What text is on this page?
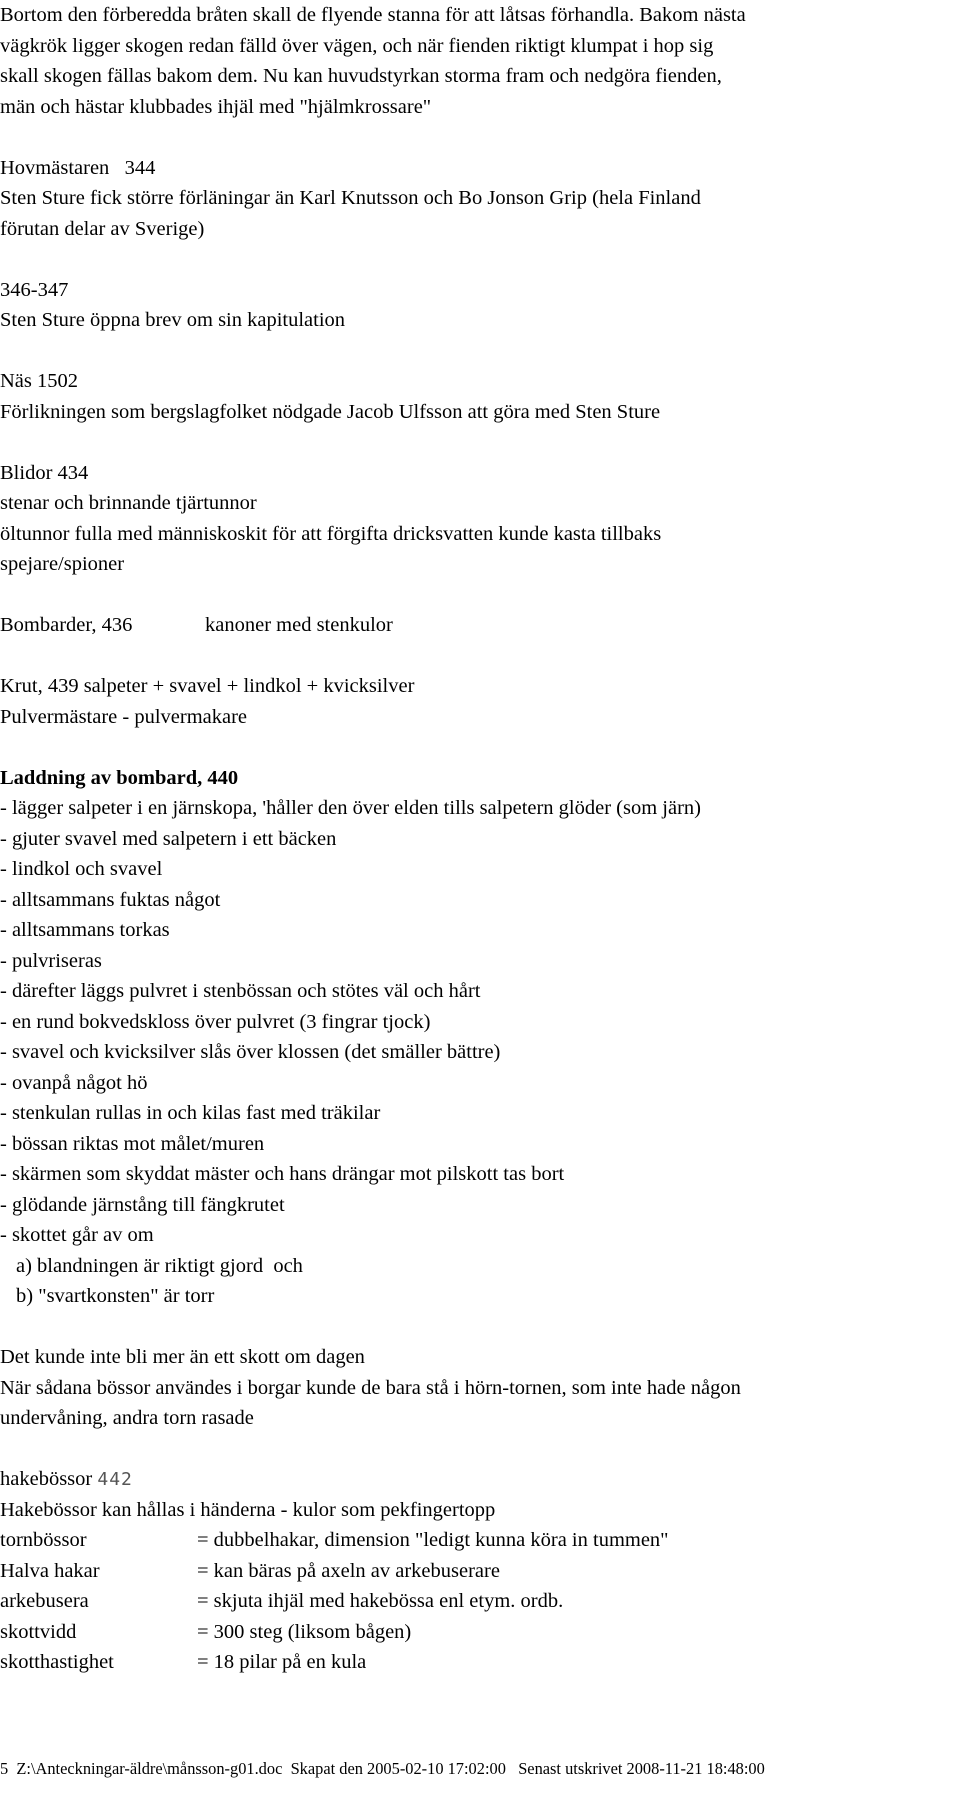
Bortom den förberedda bråten skall de flyende stanna för att låtsas förhandla. Bakom nästa
vägkrök ligger skogen redan fälld över vägen, och när fienden riktigt klumpat i hop sig
skall skogen fällas bakom dem. Nu kan huvudstyrkan storma fram och nedgöra fienden,
män och hästar klubbades ihjäl med "hjälmkrossare"
Hovmästaren   344
Sten Sture fick större förläningar än Karl Knutsson och Bo Jonson Grip (hela Finland
förutan delar av Sverige)
346-347
Sten Sture öppna brev om sin kapitulation
Näs 1502
Förlikningen som bergslagfolket nödgade Jacob Ulfsson att göra med Sten Sture
Blidor 434
stenar och brinnande tjärtunnor
öltunnor fulla med människoskit för att förgifta dricksvatten kunde kasta tillbaks
spejare/spioner
Bombarder, 436	kanoner med stenkulor
Krut, 439 salpeter + svavel + lindkol + kvicksilver
Pulvermästare - pulvermakare
Laddning av bombard, 440
- lägger salpeter i en järnskopa, 'håller den över elden tills salpetern glöder (som järn)
- gjuter svavel med salpetern i ett bäcken
- lindkol och svavel
- alltsammans fuktas något
- alltsammans torkas
- pulvriseras
- därefter läggs pulvret i stenbössan och stötes väl och hårt
- en rund bokvedskloss över pulvret (3 fingrar tjock)
- svavel och kvicksilver slås över klossen (det smäller bättre)
- ovanpå något hö
- stenkulan rullas in och kilas fast med träkilar
- bössan riktas mot målet/muren
- skärmen som skyddat mäster och hans drängar mot pilskott tas bort
- glödande järnstång till fängkrutet
- skottet går av om
a) blandningen är riktigt gjord  och
b) "svartkonsten" är torr
Det kunde inte bli mer än ett skott om dagen
När sådana bössor användes i borgar kunde de bara stå i hörn-tornen, som inte hade någon
undervåning, andra torn rasade
hakebössor 442
Hakebössor kan hållas i händerna - kulor som pekfingertopp
tornbössor	= dubbelhakar, dimension "ledigt kunna köra in tummen"
Halva hakar	= kan bäras på axeln av arkebuserare
arkebusera	= skjuta ihjäl med hakebössa enl etym. ordb.
skottvidd	= 300 steg (liksom bågen)
skotthastighet	= 18 pilar på en kula
5 Z:\Anteckningar-äldre\månsson-g01.doc Skapat den 2005-02-10 17:02:00 Senast utskrivet 2008-11-21 18:48:00
